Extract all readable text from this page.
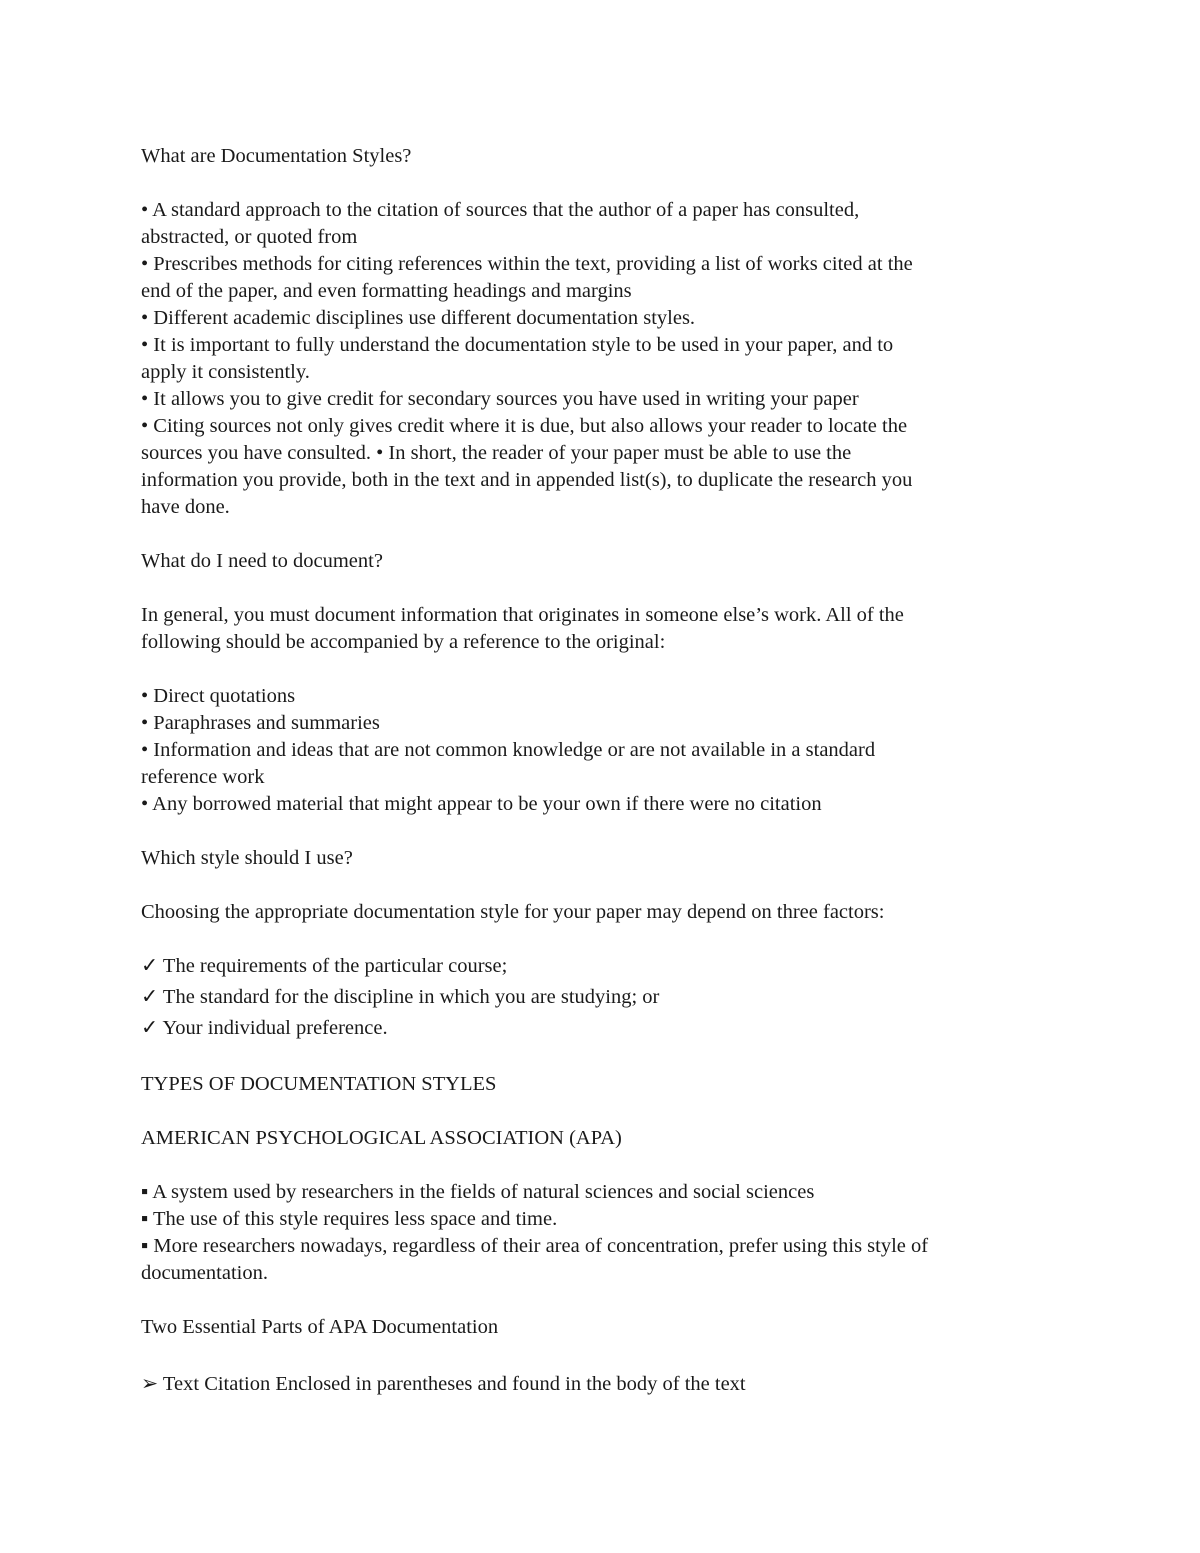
What are Documentation Styles?
• A standard approach to the citation of sources that the author of a paper has consulted,
abstracted, or quoted from
• Prescribes methods for citing references within the text, providing a list of works cited at the
end of the paper, and even formatting headings and margins
• Different academic disciplines use different documentation styles.
• It is important to fully understand the documentation style to be used in your paper, and to
apply it consistently.
• It allows you to give credit for secondary sources you have used in writing your paper
• Citing sources not only gives credit where it is due, but also allows your reader to locate the
sources you have consulted. • In short, the reader of your paper must be able to use the
information you provide, both in the text and in appended list(s), to duplicate the research you
have done.
What do I need to document?
In general, you must document information that originates in someone else’s work. All of the
following should be accompanied by a reference to the original:
• Direct quotations
• Paraphrases and summaries
• Information and ideas that are not common knowledge or are not available in a standard
reference work
• Any borrowed material that might appear to be your own if there were no citation
Which style should I use?
Choosing the appropriate documentation style for your paper may depend on three factors:
✓ The requirements of the particular course;
✓ The standard for the discipline in which you are studying; or
✓ Your individual preference.
TYPES OF DOCUMENTATION STYLES
AMERICAN PSYCHOLOGICAL ASSOCIATION (APA)
▪ A system used by researchers in the fields of natural sciences and social sciences
▪ The use of this style requires less space and time.
▪ More researchers nowadays, regardless of their area of concentration, prefer using this style of
documentation.
Two Essential Parts of APA Documentation
➢ Text Citation Enclosed in parentheses and found in the body of the text
